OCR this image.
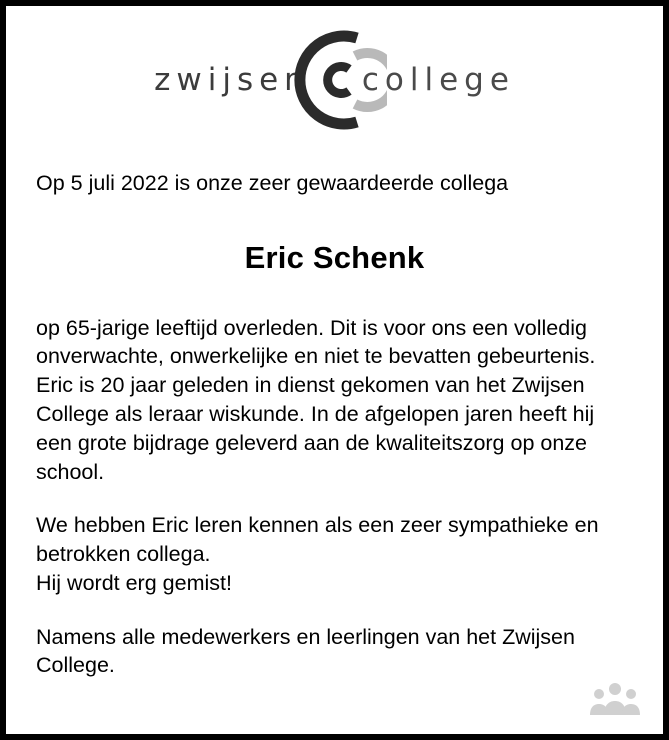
zwijsen college
Op 5 juli 2022 is onze zeer gewaardeerde collega
Eric Schenk
op 65-jarige leeftijd overleden. Dit is voor ons een volledig onverwachte, onwerkelijke en niet te bevatten gebeurtenis.
Eric is 20 jaar geleden in dienst gekomen van het Zwijsen College als leraar wiskunde. In de afgelopen jaren heeft hij een grote bijdrage geleverd aan de kwaliteitszorg op onze school.
We hebben Eric leren kennen als een zeer sympathieke en betrokken collega.
Hij wordt erg gemist!
Namens alle medewerkers en leerlingen van het Zwijsen College.
